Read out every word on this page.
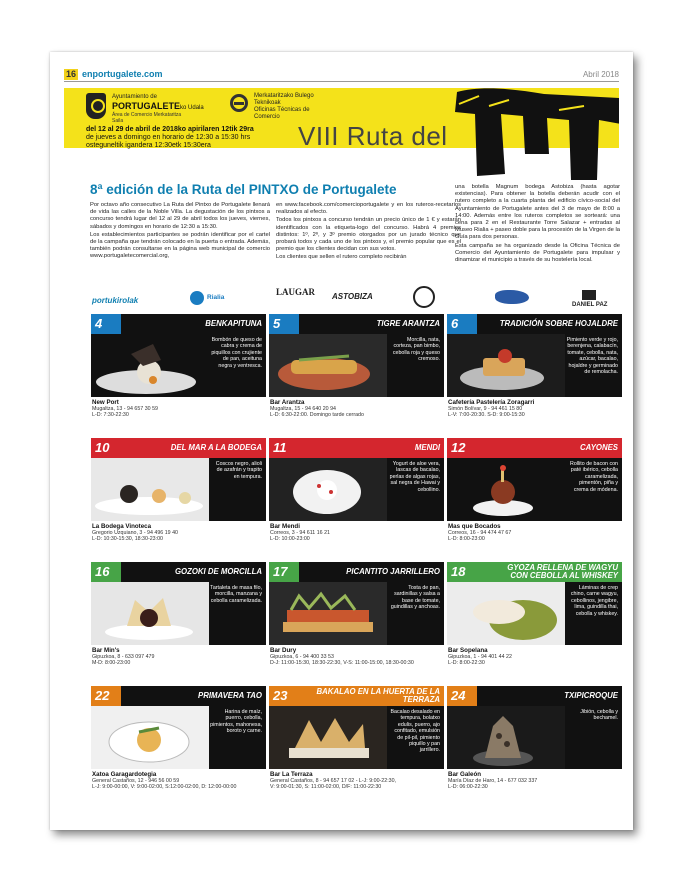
16 enportugalete.com	Abril 2018
Ayuntamiento de
PORTUGALETEko Udala
Área de Comercio Merkataritza Saila
Merkataritzako Bulego Teknikoak
Oficinas Técnicas de Comercio
del 12 al 29 de abril de 2018ko apirilaren 12tik 29ra
de jueves a domingo en horario de 12:30 a 15:30 hrs
osteguneltik igandera 12:30etk 15:30era	VIII Ruta del
8ª edición de la Ruta del PINTXO de Portugalete

Por octavo año consecutivo La Ruta del Pintxo de Portugalete llenará de vida las calles de la Noble Villa. La degustación de los pintxos a concurso tendrá lugar del 12 al 29 de abril todos los jueves, viernes, sábados y domingos en horario de 12:30 a 15:30.

Los establecimientos participantes se podrán identificar por el cartel de la campaña que tendrán colocado en la puerta o entrada. Además, también podrán consultarse en la página web municipal de comercio www.portugaletecomercial.org,

en www.facebook.com/comercioportugalete y en los ruteros-recetarios realizados al efecto.

Todos los pintxos a concurso tendrán un precio único de 1 € y estarán identificados con la etiqueta-logo del concurso. Habrá 4 premios distintos: 1º, 2º, y 3º premio otorgados por un jurado técnico que probará todos y cada uno de los pintxos y, el premio popular que es el premio que los clientes decidan con sus votos.

Los clientes que sellen el rutero completo recibirán

una botella Magnum bodega Astobiza (hasta agotar existencias). Para obtener la botella deberán acudir con el rutero completo a la cuarta planta del edificio cívico-social del Ayuntamiento de Portugalete antes del 3 de mayo de 8:00 a 14:00. Además entre los ruteros completos se sorteará: una cena para 2 en el Restaurante Torre Salazar + entradas al Museo Rialia + paseo doble para la procesión de la Virgen de la Guía para dos personas.

Esta campaña se ha organizado desde la Oficina Técnica de Comercio del Ayuntamiento de Portugalete para impulsar y dinamizar el municipio a través de su hostelería local.

portukirolak	Rialia
LAUGAR ASTOBIZA
DANIEL PAZ
4	BENKAPITUNA
Bombón de queso de cabra y crema de piquillos con crujiente de pan, aceituna negra y ventresca.
New Port
Mugaltza, 13 - 94 657 30 59
L-D: 7:30-22:30
5	TIGRE ARANTZA
Morcilla, nata, corteza, pan bimbo, cebolla roja y queso cremoso.
Bar Arantza
Mugaltza, 15 - 94 640 20 94
L-D: 6:30-22:00. Domingo tarde cerrado
6	TRADICIÓN SOBRE HOJALDRE
Pimiento verde y rojo, berenjena, calabacín, tomate, cebolla, nata, azúcar, bacalao, hojaldre y germinado de remolacha.
Cafetería Pastelería Zoragarri
Simón Bolívar, 9 - 94 461 15 80
L-V: 7:00-20:30. S-D: 9:00-15:30
10	DEL MAR A LA BODEGA
Coscos negro, alioli de azafrán y trapito en tempura.
La Bodega Vinoteca
Gregorio Uzquiano, 3 - 94 496 19 40
L-D: 10:30-15:30, 18:30-23:00
11	MENDI
Yogurt de aloe vera, lascas de bacalao, perlas de algas rojas, sal negra de Hawai y cebollino.
Bar Mendi
Correos, 3 - 94 611 16 21
L-D: 10:00-23:00
12	CAYONES
Rollito de bacon con paté ibérico, cebolla caramelizada, pimentón, piña y crema de módena.
Mas que Bocados
Correos, 16 - 94 474 47 67
L-D: 8:00-23:00
16	GOZOKI DE MORCILLA
Tartaleta de masa filo, morcilla, manzana y cebolla caramelizada.
Bar Min's
Gipuzkoa, 8 - 633 097 479
M-D: 8:00-23:00
17	PICANTITO JARRILLERO
Tosta de pan, sardinillas y salsa a base de tomate, guindillas y anchoas.
Bar Dury
Gipuzkoa, 6 - 94 400 33 53
D-J: 11:00-15:30, 18:30-22:30, V-S: 11:00-15:00, 18:30-00:30
18	GYOZA RELLENA DE WAGYU CON CEBOLLA AL WHISKEY
Láminas de crep chino, carne wagyu, cebollinos, jengibre, lima, guindilla thai, cebolla y whiskey.
Bar Sopelana
Gipuzkoa, 1 - 94 401 44 22
L-D: 8:00-22:30
22	PRIMAVERA TAO
Harina de maíz, puerro, cebolla, pimientos, mahonesa, boroto y carne.
Xatoa Garagardotegia
General Castaños, 12 - 946 56 00 59
L-J: 9:00-00:00, V: 9:00-02:00, S:12:00-02:00, D: 12:00-00:00
23	BAKALAO EN LA HUERTA DE LA TERRAZA
Bacalao desalado en tempura, bolatxo edulis, puerro, ajo confitado, emulsión de pil-pil, pimiento piquillo y pan jarrillero.
Bar La Terraza
General Castaños, 8 - 94 657 17 02 - L-J: 9:00-22:30,
V: 9:00-01:30, S: 11:00-02:00, D/F: 11:00-22:30
24	TXIPICROQUE
Jibión, cebolla y bechamel.
Bar Galeón
María Díaz de Haro, 14 - 677 032 337
L-D: 06:00-22:30
